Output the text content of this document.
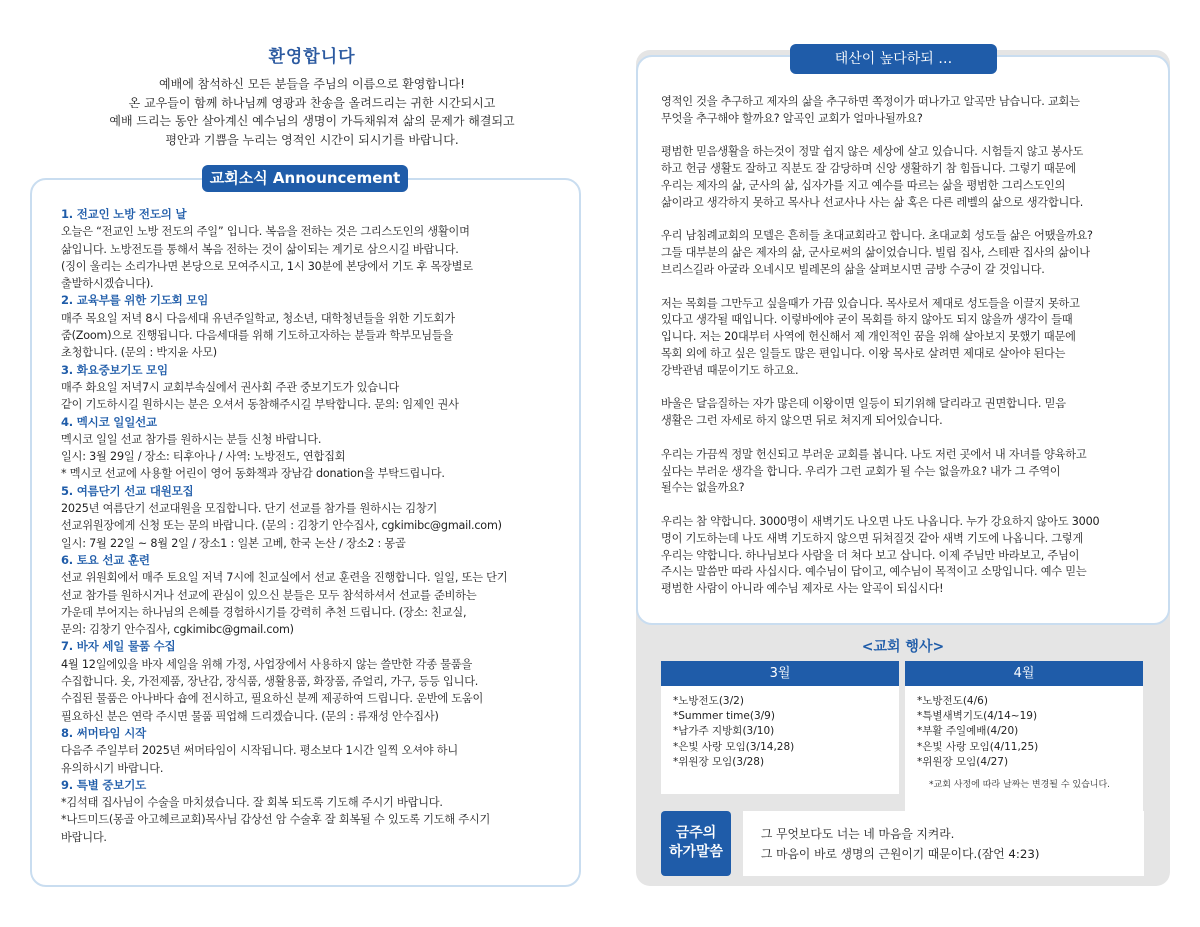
환영합니다

예배에 참석하신 모든 분들을 주님의 이름으로 환영합니다!

온 교우들이 함께 하나님께 영광과 찬송을 올려드리는 귀한 시간되시고

예배 드리는 동안 살아계신 예수님의 생명이 가득채워져 삶의 문제가 해결되고

평안과 기쁨을 누리는 영적인 시간이 되시기를 바랍니다.

교회소식 Announcement
1. 전교인 노방 전도의 날

오늘은 “전교인 노방 전도의 주일” 입니다. 복음을 전하는 것은 그리스도인의 생활이며

삶입니다. 노방전도를 통해서 복음 전하는 것이 삶이되는 계기로 삼으시길 바랍니다.

(징이 울리는 소리가나면 본당으로 모여주시고, 1시 30분에 본당에서 기도 후 목장별로

출발하시겠습니다).

2. 교육부를 위한 기도회 모임

매주 목요일 저녁 8시 다음세대 유년주일학교, 청소년, 대학청년들을 위한 기도회가

줌(Zoom)으로 진행됩니다. 다음세대를 위해 기도하고자하는 분들과 학부모님들을

초청합니다. (문의 : 박지윤 사모)

3. 화요중보기도 모임

매주 화요일 저녁7시 교회부속실에서 권사회 주관 중보기도가 있습니다

같이 기도하시길 원하시는 분은 오셔서 동참해주시길 부탁합니다. 문의: 임제인 권사

4. 멕시코 일일선교

멕시코 일일 선교 참가를 원하시는 분들 신청 바랍니다.

일시: 3월 29일 / 장소: 티후아나 / 사역: 노방전도, 연합집회

* 멕시코 선교에 사용할 어린이 영어 동화책과 장남감 donation을 부탁드립니다.

5. 여름단기 선교 대원모집

2025년 여름단기 선교대원을 모집합니다. 단기 선교를 참가를 원하시는 김창기

선교위원장에게 신청 또는 문의 바랍니다. (문의 : 김창기 안수집사, cgkimibc@gmail.com)

일시: 7월 22일 ~ 8월 2일 / 장소1 : 일본 고베, 한국 논산 / 장소2 : 몽골

6. 토요 선교 훈련

선교 위원회에서 매주 토요일 저녁 7시에 친교실에서 선교 훈련을 진행합니다. 일일, 또는 단기

선교 참가를 원하시거나 선교에 관심이 있으신 분들은 모두 참석하셔서 선교를 준비하는

가운데 부어지는 하나님의 은혜를 경험하시기를 강력히 추천 드립니다. (장소: 친교실,

문의: 김창기 안수집사, cgkimibc@gmail.com)

7. 바자 세일 물품 수집

4월 12일에있을 바자 세일을 위해 가정, 사업장에서 사용하지 않는 쓸만한 각종 물품을

수집합니다. 옷, 가전제품, 장난감, 장식품, 생활용품, 화장품, 쥬얼리, 가구, 등등 입니다.

수집된 물품은 아나바다 숍에 전시하고, 필요하신 분께 제공하여 드립니다. 운반에 도움이

필요하신 분은 연락 주시면 물품 픽업해 드리겠습니다. (문의 : 류재성 안수집사)

8. 써머타임 시작

다음주 주일부터 2025년 써머타임이 시작됩니다. 평소보다 1시간 일찍 오셔야 하니

유의하시기 바랍니다.

9. 특별 중보기도

*김석태 집사님이 수술을 마치셨습니다. 잘 회복 되도록 기도해 주시기 바랍니다.

*나드미드(몽골 아고헤르교회)목사님 갑상선 암 수술후 잘 회복될 수 있도록 기도해 주시기

바랍니다.

태산이 높다하되 …

영적인 것을 추구하고 제자의 삶을 추구하면 쪽정이가 떠나가고 알곡만 남습니다. 교회는
무엇을 추구해야 할까요? 알곡인 교회가 얼마나될까요?

평범한 믿음생활을 하는것이 정말 쉽지 않은 세상에 살고 있습니다. 시험들지 않고 봉사도
하고 헌금 생활도 잘하고 직분도 잘 감당하며 신앙 생활하기 참 힘듭니다. 그렇기 때문에
우리는 제자의 삶, 군사의 삶, 십자가를 지고 예수를 따르는 삶을 평범한 그리스도인의
삶이라고 생각하지 못하고 목사나 선교사나 사는 삶 혹은 다른 레벨의 삶으로 생각합니다.

우리 남침례교회의 모델은 흔히들 초대교회라고 합니다. 초대교회 성도들 삶은 어땠을까요?
그들 대부분의 삶은 제자의 삶, 군사로써의 삶이었습니다. 빌립 집사, 스테판 집사의 삶이나
브리스길라 아굴라 오네시모 빌레몬의 삶을 살펴보시면 금방 수긍이 갈 것입니다.

저는 목회를 그만두고 싶을때가 가끔 있습니다. 목사로서 제대로 성도들을 이끌지 못하고
있다고 생각될 때입니다. 이렇바에야 굳이 목회를 하지 않아도 되지 않을까 생각이 들때
입니다. 저는 20대부터 사역에 헌신해서 제 개인적인 꿈을 위해 살아보지 못했기 때문에
목회 외에 하고 싶은 일들도 많은 편입니다. 이왕 목사로 살려면 제대로 살아야 된다는
강박관념 때문이기도 하고요.

바울은 달음질하는 자가 많은데 이왕이면 일등이 되기위해 달리라고 권면합니다. 믿음
생활은 그런 자세로 하지 않으면 뒤로 쳐지게 되어있습니다.

우리는 가끔씩 정말 헌신되고 부러운 교회를 봅니다. 나도 저런 곳에서 내 자녀를 양육하고
싶다는 부러운 생각을 합니다. 우리가 그런 교회가 될 수는 없을까요? 내가 그 주역이
될수는 없을까요?

우리는 참 약합니다. 3000명이 새벽기도 나오면 나도 나옵니다. 누가 강요하지 않아도 3000
명이 기도하는데 나도 새벽 기도하지 않으면 뒤쳐질것 같아 새벽 기도에 나옵니다. 그렇게
우리는 약합니다. 하나님보다 사람을 더 쳐다 보고 삽니다. 이제 주님만 바라보고, 주님이
주시는 말씀만 따라 사십시다. 예수님이 답이고, 예수님이 목적이고 소망입니다. 예수 믿는
평범한 사람이 아니라 예수님 제자로 사는 알곡이 되십시다!

<교회 행사>
3월
*노방전도(3/2)
*Summer time(3/9)
*남가주 지방회(3/10)
*은빛 사랑 모임(3/14,28)
*위원장 모임(3/28)
4월
*노방전도(4/6)
*특별새벽기도(4/14~19)
*부활 주일예배(4/20)
*은빛 사랑 모임(4/11,25)
*위원장 모임(4/27)
*교회 사정에 따라 날짜는 변경될 수 있습니다.
금주의
하가말씀
그 무엇보다도 너는 네 마음을 지켜라.
그 마음이 바로 생명의 근원이기 때문이다.(잠언 4:23)
